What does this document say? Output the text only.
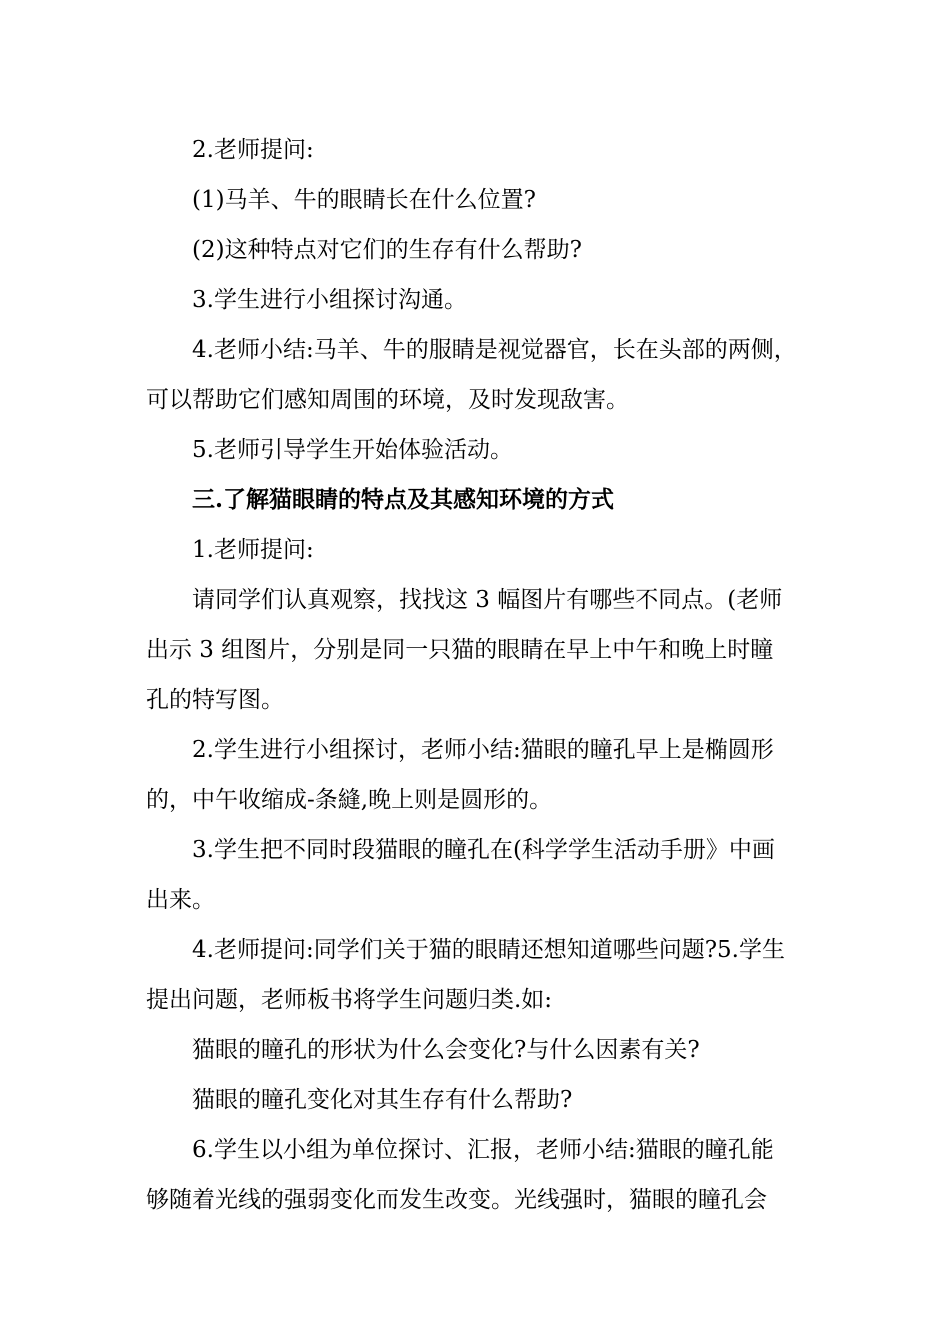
2.老师提问:
(1)马羊、牛的眼睛长在什么位置?
(2)这种特点对它们的生存有什么帮助?
3.学生进行小组探讨沟通。
4.老师小结:马羊、牛的服睛是视觉器官，长在头部的两侧，
可以帮助它们感知周围的环境，及时发现敌害。
5.老师引导学生开始体验活动。
三.了解猫眼睛的特点及其感知环境的方式
1.老师提问:
请同学们认真观察，找找这 3 幅图片有哪些不同点。(老师
出示 3 组图片，分别是同一只猫的眼睛在早上中午和晚上时瞳
孔的特写图。
2.学生进行小组探讨，老师小结:猫眼的瞳孔早上是椭圆形
的，中午收缩成-条縫,晚上则是圆形的。
3.学生把不同时段猫眼的瞳孔在(科学学生活动手册》中画
出来。
4.老师提问:同学们关于猫的眼睛还想知道哪些问题?5.学生
提出问题，老师板书将学生问题归类.如:
猫眼的瞳孔的形状为什么会变化?与什么因素有关?
猫眼的瞳孔变化对其生存有什么帮助?
6.学生以小组为单位探讨、汇报，老师小结:猫眼的瞳孔能
够随着光线的强弱变化而发生改变。光线强时，猫眼的瞳孔会
